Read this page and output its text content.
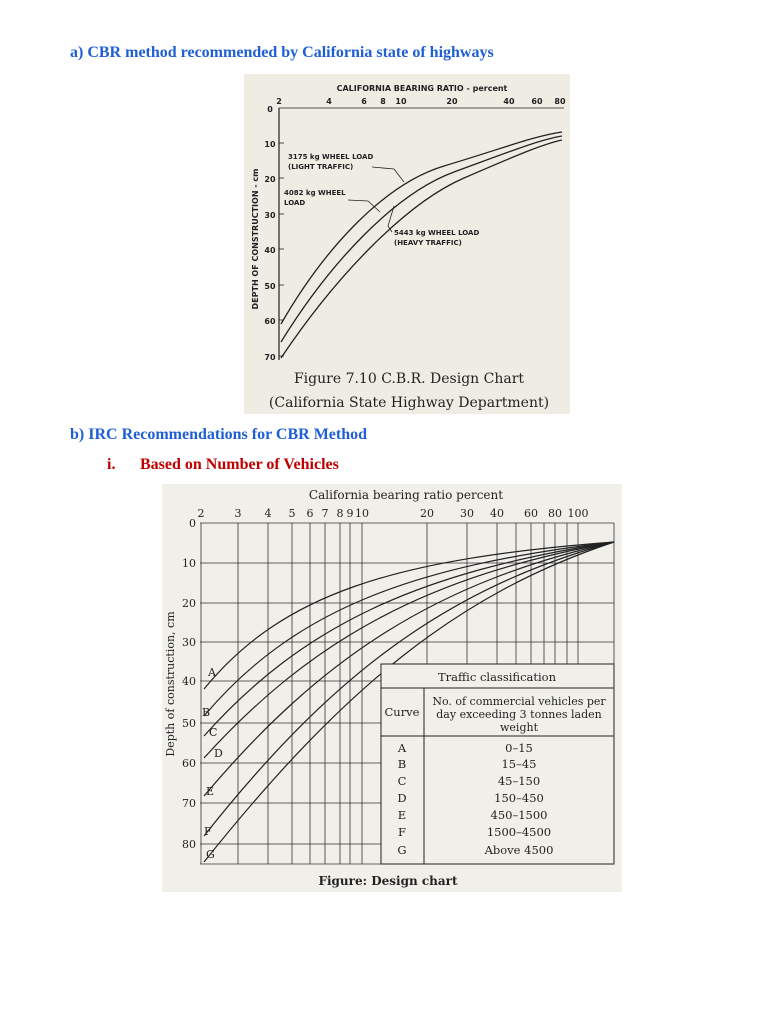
a) CBR method recommended by California state of highways
CALIFORNIA BEARING RATIO - percent
2	4	6 8 10	20	40 60 80
0
10
20
30
40
50
60
70
DEPTH OF CONSTRUCTION - cm
3175 kg WHEEL LOAD
(LIGHT TRAFFIC)
4082 kg WHEEL
LOAD
5443 kg WHEEL LOAD
(HEAVY TRAFFIC)
Figure 7.10 C.B.R. Design Chart
(California State Highway Department)
b) IRC Recommendations for CBR Method
i. Based on Number of Vehicles
California bearing ratio percent
2	3 4 5 6 7 8 9 10	20 30 40 60 80 100
0
10
20
30
40
50
60
70
80
Depth of construction, cm	A
B
C
D
E
F
G
Traffic classification
Curve
No. of commercial vehicles per
day exceeding 3 tonnes laden
weight
A	0–15
B	15–45
C	45–150
D	150–450
E	450–1500
F	1500–4500
G	Above 4500
Figure: Design chart
